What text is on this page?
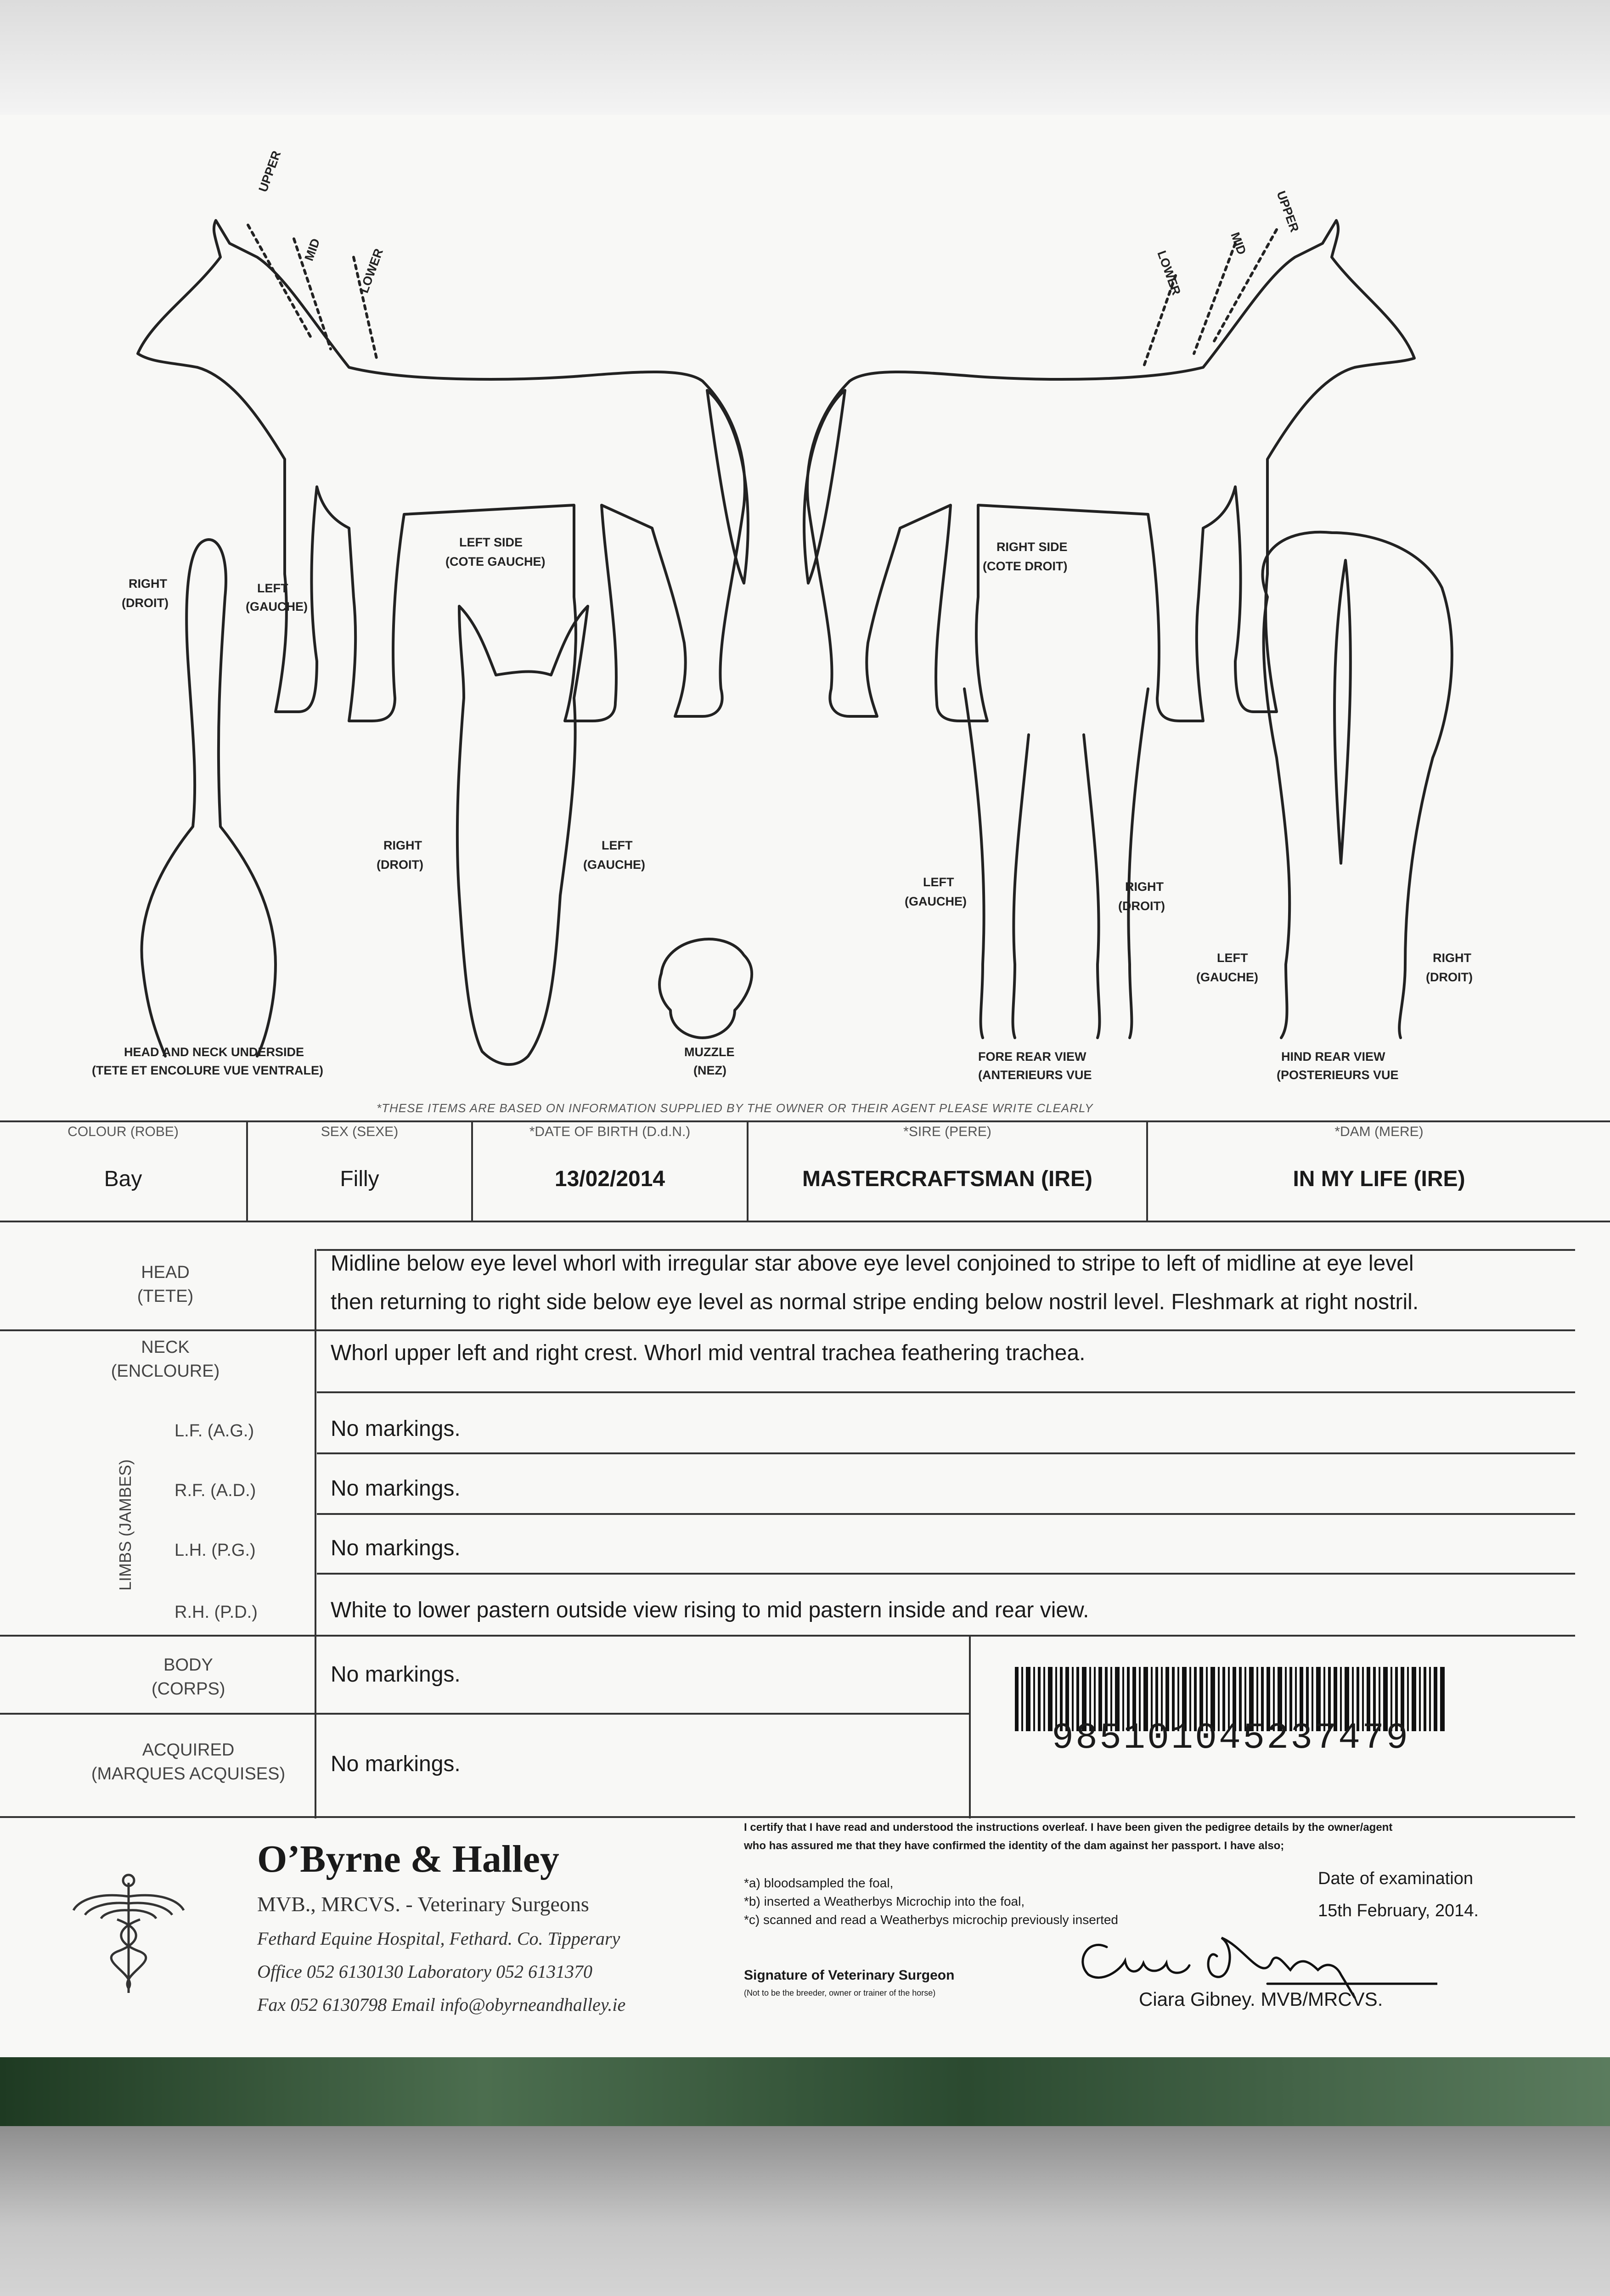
UPPER
MID	LOWER
UPPER
MID
LOWER
LEFT SIDE
(COTE GAUCHE)
RIGHT SIDE
(COTE DROIT)
RIGHT
(DROIT)
LEFT
(GAUCHE)
RIGHT
(DROIT)
LEFT
(GAUCHE)
LEFT
(GAUCHE)
RIGHT
(DROIT)
LEFT
(GAUCHE)
RIGHT
(DROIT)
HEAD AND NECK UNDERSIDE
(TETE ET ENCOLURE VUE VENTRALE)
MUZZLE
(NEZ)
FORE REAR VIEW
(ANTERIEURS VUE
HIND REAR VIEW
(POSTERIEURS VUE
*THESE ITEMS ARE BASED ON INFORMATION SUPPLIED BY THE OWNER OR THEIR AGENT PLEASE WRITE CLEARLY
COLOUR (ROBE)
Bay
SEX (SEXE)
Filly
*DATE OF BIRTH (D.d.N.)
13/02/2014
*SIRE (PERE)
MASTERCRAFTSMAN (IRE)
*DAM (MERE)
IN MY LIFE (IRE)
HEAD
(TETE)
Midline below eye level whorl with irregular star above eye level conjoined to stripe to left of midline at eye level
then returning to right side below eye level as normal stripe ending below nostril level. Fleshmark at right nostril.
NECK
(ENCLOURE)
Whorl upper left and right crest. Whorl mid ventral trachea feathering trachea.
LIMBS (JAMBES)
L.F. (A.G.)	No markings.
R.F. (A.D.)	No markings.
L.H. (P.G.)	No markings.
R.H. (P.D.)	White to lower pastern outside view rising to mid pastern inside and rear view.
BODY
(CORPS)
No markings.
ACQUIRED
(MARQUES ACQUISES)	No markings.
985101045237479
O’Byrne & Halley
MVB., MRCVS. - Veterinary Surgeons
Fethard Equine Hospital, Fethard. Co. Tipperary
Office 052 6130130 Laboratory 052 6131370
Fax 052 6130798 Email info@obyrneandhalley.ie
I certify that I have read and understood the instructions overleaf. I have been given the pedigree details by the owner/agent
who has assured me that they have confirmed the identity of the dam against her passport. I have also;
*a) bloodsampled the foal,
*b) inserted a Weatherbys Microchip into the foal,
*c) scanned and read a Weatherbys microchip previously inserted
Signature of Veterinary Surgeon
(Not to be the breeder, owner or trainer of the horse)
Date of examination
15th February, 2014.
Ciara Gibney. MVB/MRCVS.
